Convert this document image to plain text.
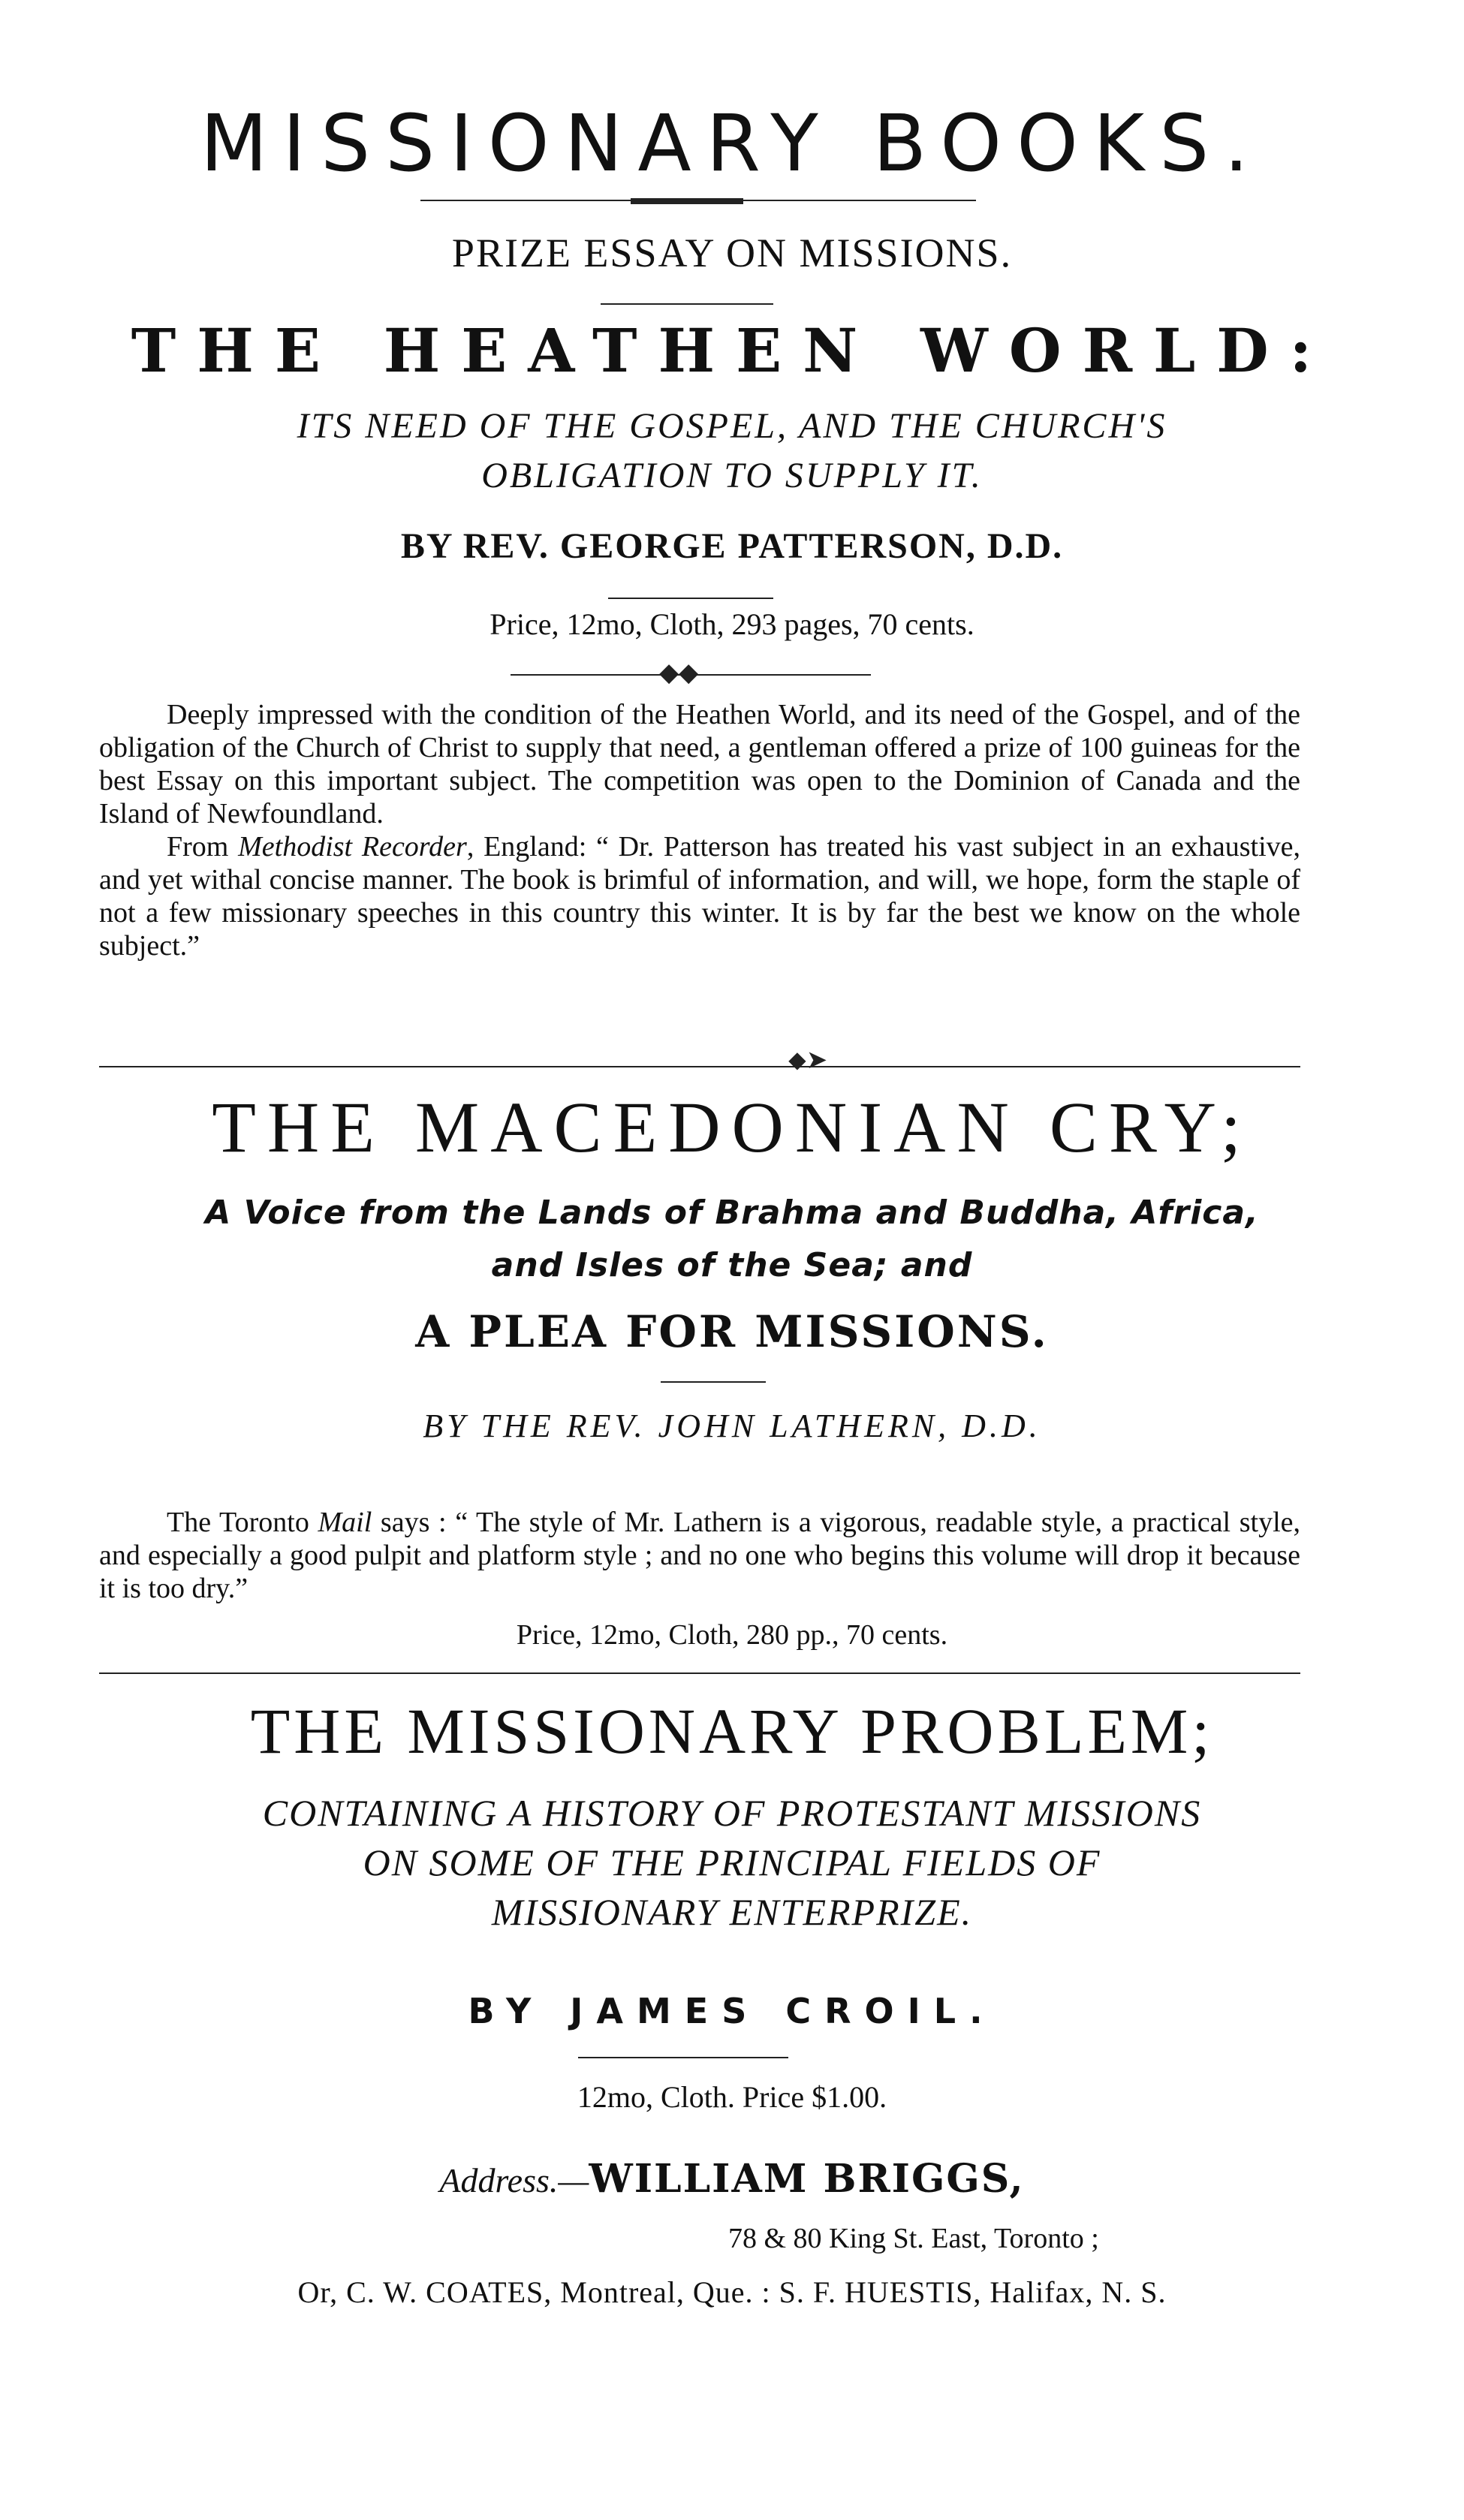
MISSIONARY BOOKS.
PRIZE ESSAY ON MISSIONS.
THE HEATHEN WORLD:
ITS NEED OF THE GOSPEL, AND THE CHURCH'S
OBLIGATION TO SUPPLY IT.
BY REV. GEORGE PATTERSON, D.D.
Price, 12mo, Cloth, 293 pages, 70 cents.
◆◆

Deeply impressed with the condition of the Heathen World, and its need of the Gospel, and of the obligation of the Church of Christ to supply that need, a gentleman offered a prize of 100 guineas for the best Essay on this important subject. The competition was open to the Dominion of Canada and the Island of Newfoundland.

From Methodist Recorder, England: “ Dr. Patterson has treated his vast subject in an exhaustive, and yet withal concise manner. The book is brimful of information, and will, we hope, form the staple of not a few missionary speeches in this country this winter. It is by far the best we know on the whole subject.”

⬥➤
THE MACEDONIAN CRY;
A Voice from the Lands of Brahma and Buddha, Africa,
and Isles of the Sea; and
A PLEA FOR MISSIONS.
BY THE REV. JOHN LATHERN, D.D.

The Toronto Mail says : “ The style of Mr. Lathern is a vigorous, readable style, a practical style, and especially a good pulpit and platform style ; and no one who begins this volume will drop it because it is too dry.”

Price, 12mo, Cloth, 280 pp., 70 cents.
THE MISSIONARY PROBLEM;
CONTAINING A HISTORY OF PROTESTANT MISSIONS
ON SOME OF THE PRINCIPAL FIELDS OF
MISSIONARY ENTERPRIZE.
BY JAMES CROIL.
12mo, Cloth. Price $1.00.
Address.—WILLIAM BRIGGS,
78 & 80 King St. East, Toronto ;
Or, C. W. COATES, Montreal, Que. : S. F. HUESTIS, Halifax, N. S.
